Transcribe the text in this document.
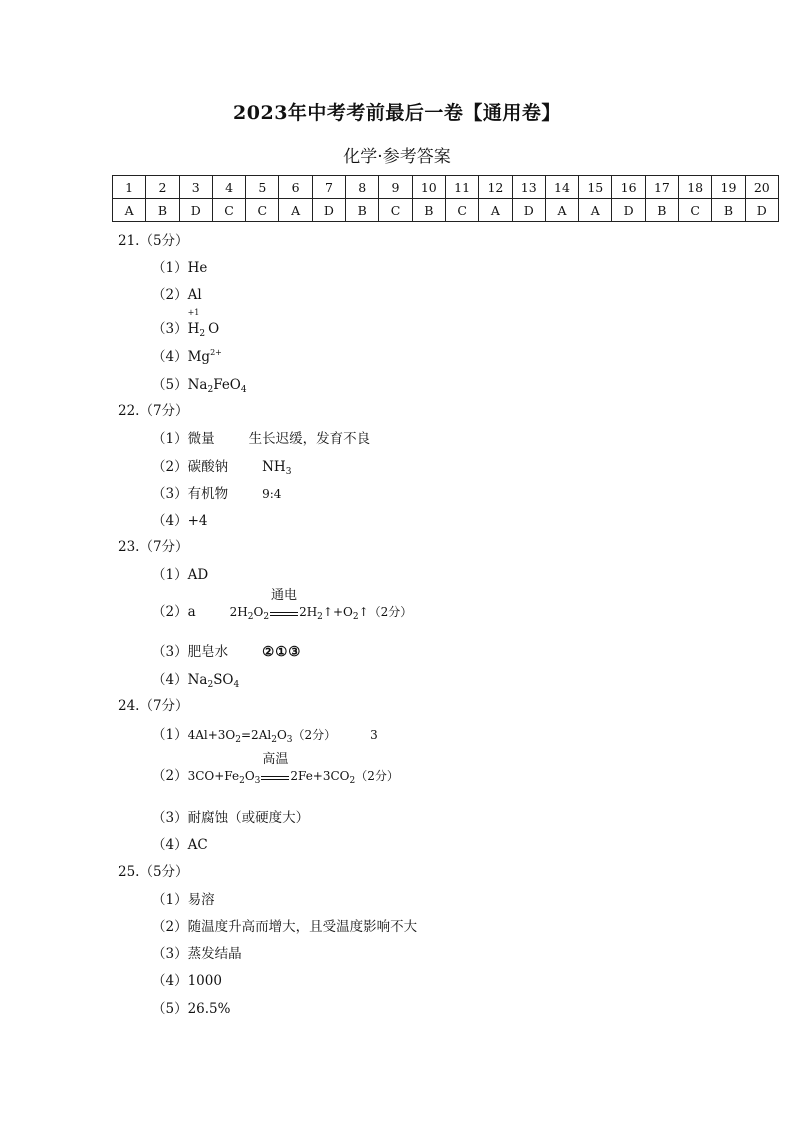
2023年中考考前最后一卷【通用卷】
化学·参考答案
1	2	3	4	5	6	7	8	9	10	11	12	13	14	15	16	17	18	19	20
A	B	D	C	C	A	D	B	C	B	C	A	D	A	A	D	B	C	B	D
21.（5分）
（1）He
（2）Al
（3）
+1
$H_2$ O
$(4)Mg^{2+}$
$(5)Na_2FeO_4$
22.（7分）
（1）微量	生长迟缓，发育不良
（2）碳酸钠	$NH_3$
（3）有机物	9:4
（4）+4
23.（7分）
（1）AD
（2）a	$2H_2O_2$
通电
$2H_2↑+O_2↑(2$分）
（3）肥皂水	②①③
$(4)Na_2SO_4$
24.（7分）
$(1)4Al+3O_2=2Al_2O_3(2$分）	3
$(2)3CO+Fe_2O_3$
高温
$2Fe+3CO_2(2$分）
（3）耐腐蚀（或硬度大）
（4）AC
25.（5分）
（1）易溶
（2）随温度升高而增大，且受温度影响不大
（3）蒸发结晶
（4）1000
（5）26.5%
